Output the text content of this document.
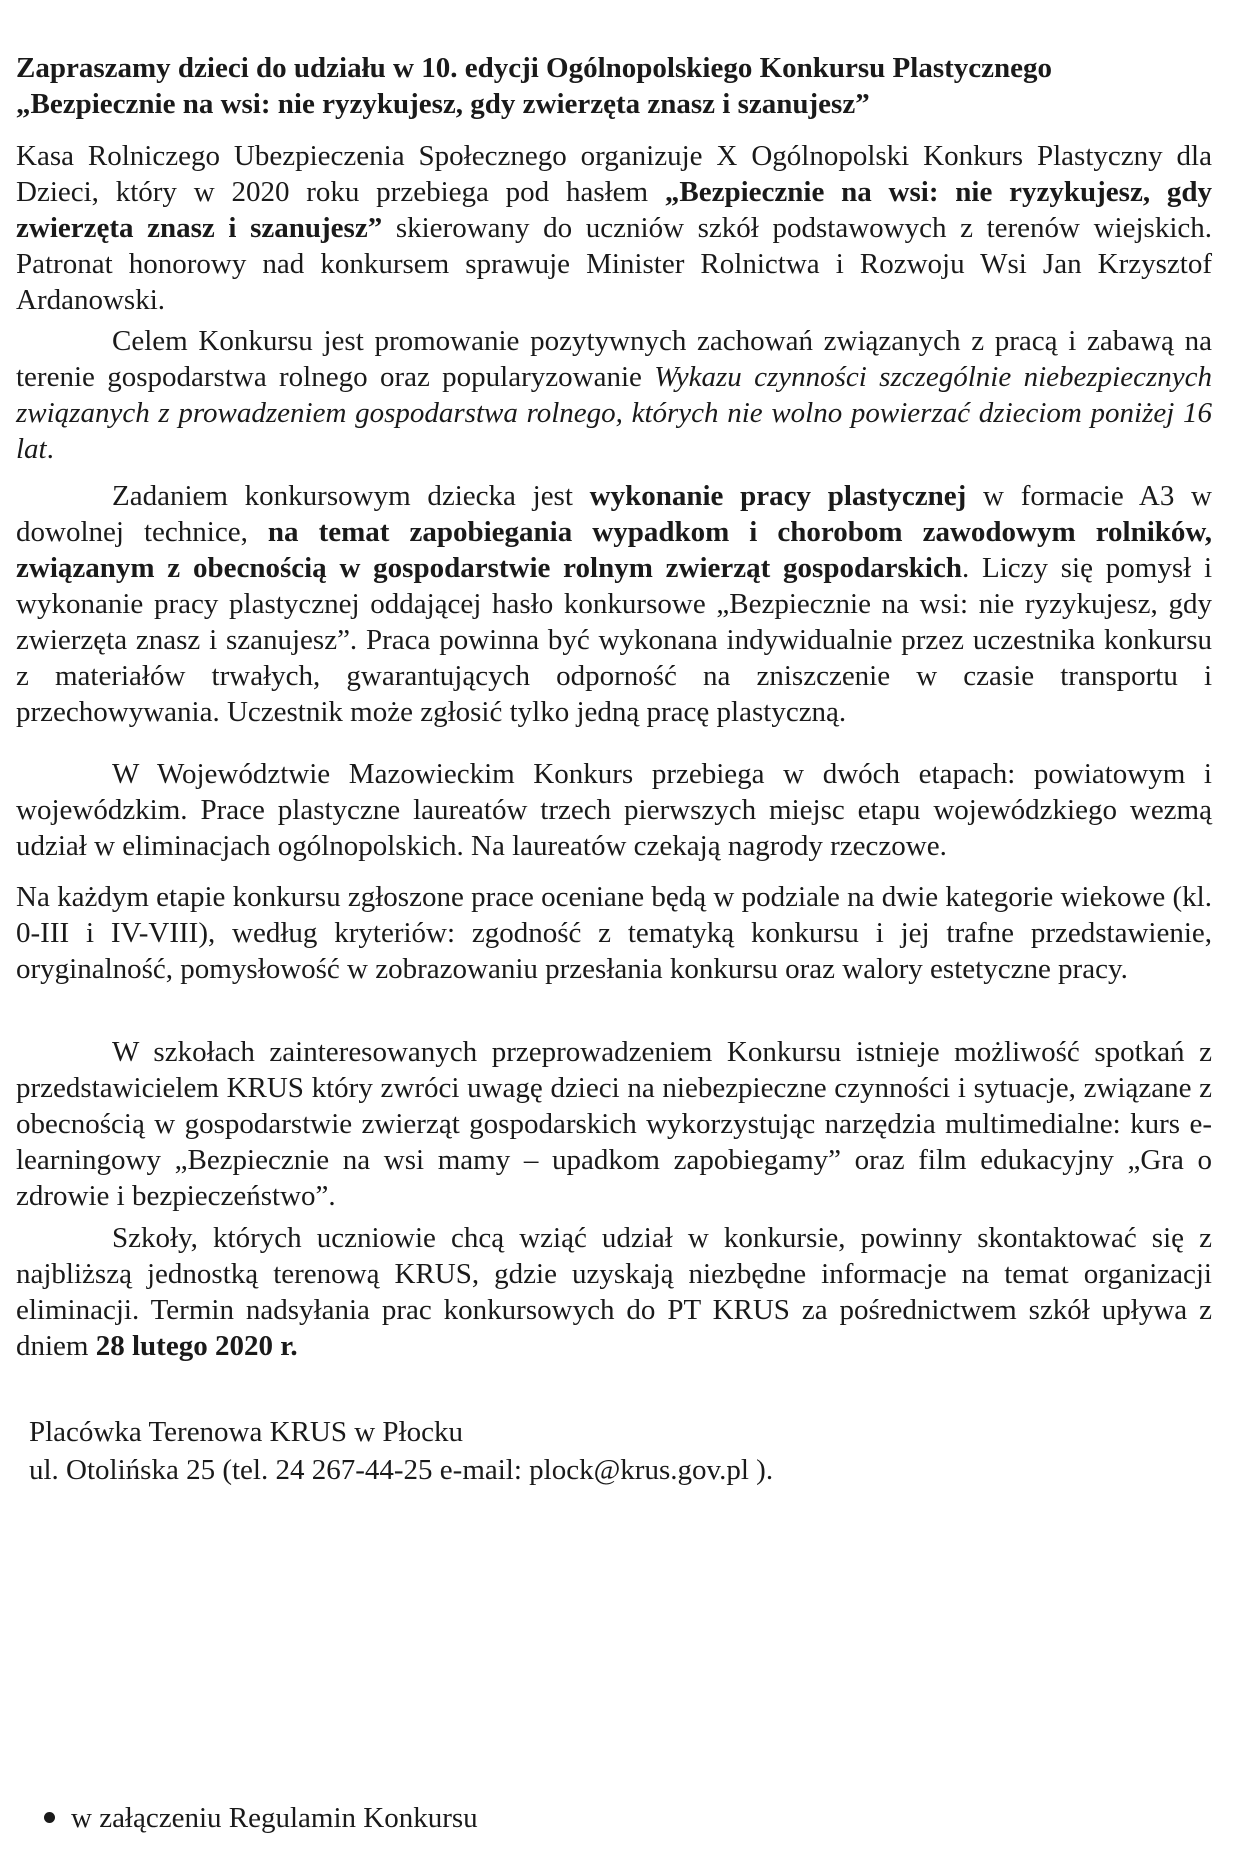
Zapraszamy dzieci do udziału w 10. edycji Ogólnopolskiego Konkursu Plastycznego
„Bezpiecznie na wsi: nie ryzykujesz, gdy zwierzęta znasz i szanujesz”

Kasa Rolniczego Ubezpieczenia Społecznego organizuje X Ogólnopolski Konkurs Plastyczny dla Dzieci, który w 2020 roku przebiega pod hasłem „Bezpiecznie na wsi: nie ryzykujesz, gdy zwierzęta znasz i szanujesz” skierowany do uczniów szkół podstawowych z terenów wiejskich. Patronat honorowy nad konkursem sprawuje Minister Rolnictwa i Rozwoju Wsi Jan Krzysztof Ardanowski.

Celem Konkursu jest promowanie pozytywnych zachowań związanych z pracą i zabawą na terenie gospodarstwa rolnego oraz popularyzowanie Wykazu czynności szczególnie niebezpiecznych związanych z prowadzeniem gospodarstwa rolnego, których nie wolno powierzać dzieciom poniżej 16 lat.

Zadaniem konkursowym dziecka jest wykonanie pracy plastycznej w formacie A3 w dowolnej technice, na temat zapobiegania wypadkom i chorobom zawodowym rolników, związanym z obecnością w gospodarstwie rolnym zwierząt gospodarskich. Liczy się pomysł i wykonanie pracy plastycznej oddającej hasło konkursowe „Bezpiecznie na wsi: nie ryzykujesz, gdy zwierzęta znasz i szanujesz”. Praca powinna być wykonana indywidualnie przez uczestnika konkursu z materiałów trwałych, gwarantujących odporność na zniszczenie w czasie transportu i przechowywania. Uczestnik może zgłosić tylko jedną pracę plastyczną.

W Województwie Mazowieckim Konkurs przebiega w dwóch etapach: powiatowym i wojewódzkim. Prace plastyczne laureatów trzech pierwszych miejsc etapu wojewódzkiego wezmą udział w eliminacjach ogólnopolskich. Na laureatów czekają nagrody rzeczowe.

Na każdym etapie konkursu zgłoszone prace oceniane będą w podziale na dwie kategorie wiekowe (kl. 0-III i IV-VIII), według kryteriów: zgodność z tematyką konkursu i jej trafne przedstawienie, oryginalność, pomysłowość w zobrazowaniu przesłania konkursu oraz walory estetyczne pracy.

W szkołach zainteresowanych przeprowadzeniem Konkursu istnieje możliwość spotkań z przedstawicielem KRUS który zwróci uwagę dzieci na niebezpieczne czynności i sytuacje, związane z obecnością w gospodarstwie zwierząt gospodarskich wykorzystując narzędzia multimedialne: kurs e-learningowy „Bezpiecznie na wsi mamy – upadkom zapobiegamy” oraz film edukacyjny „Gra o zdrowie i bezpieczeństwo”.

Szkoły, których uczniowie chcą wziąć udział w konkursie, powinny skontaktować się z najbliższą jednostką terenową KRUS, gdzie uzyskają niezbędne informacje na temat organizacji eliminacji. Termin nadsyłania prac konkursowych do PT KRUS za pośrednictwem szkół upływa z dniem 28 lutego 2020 r.

Placówka Terenowa KRUS w Płocku
ul. Otolińska 25 (tel. 24 267-44-25 e-mail: plock@krus.gov.pl ).
w załączeniu Regulamin Konkursu
